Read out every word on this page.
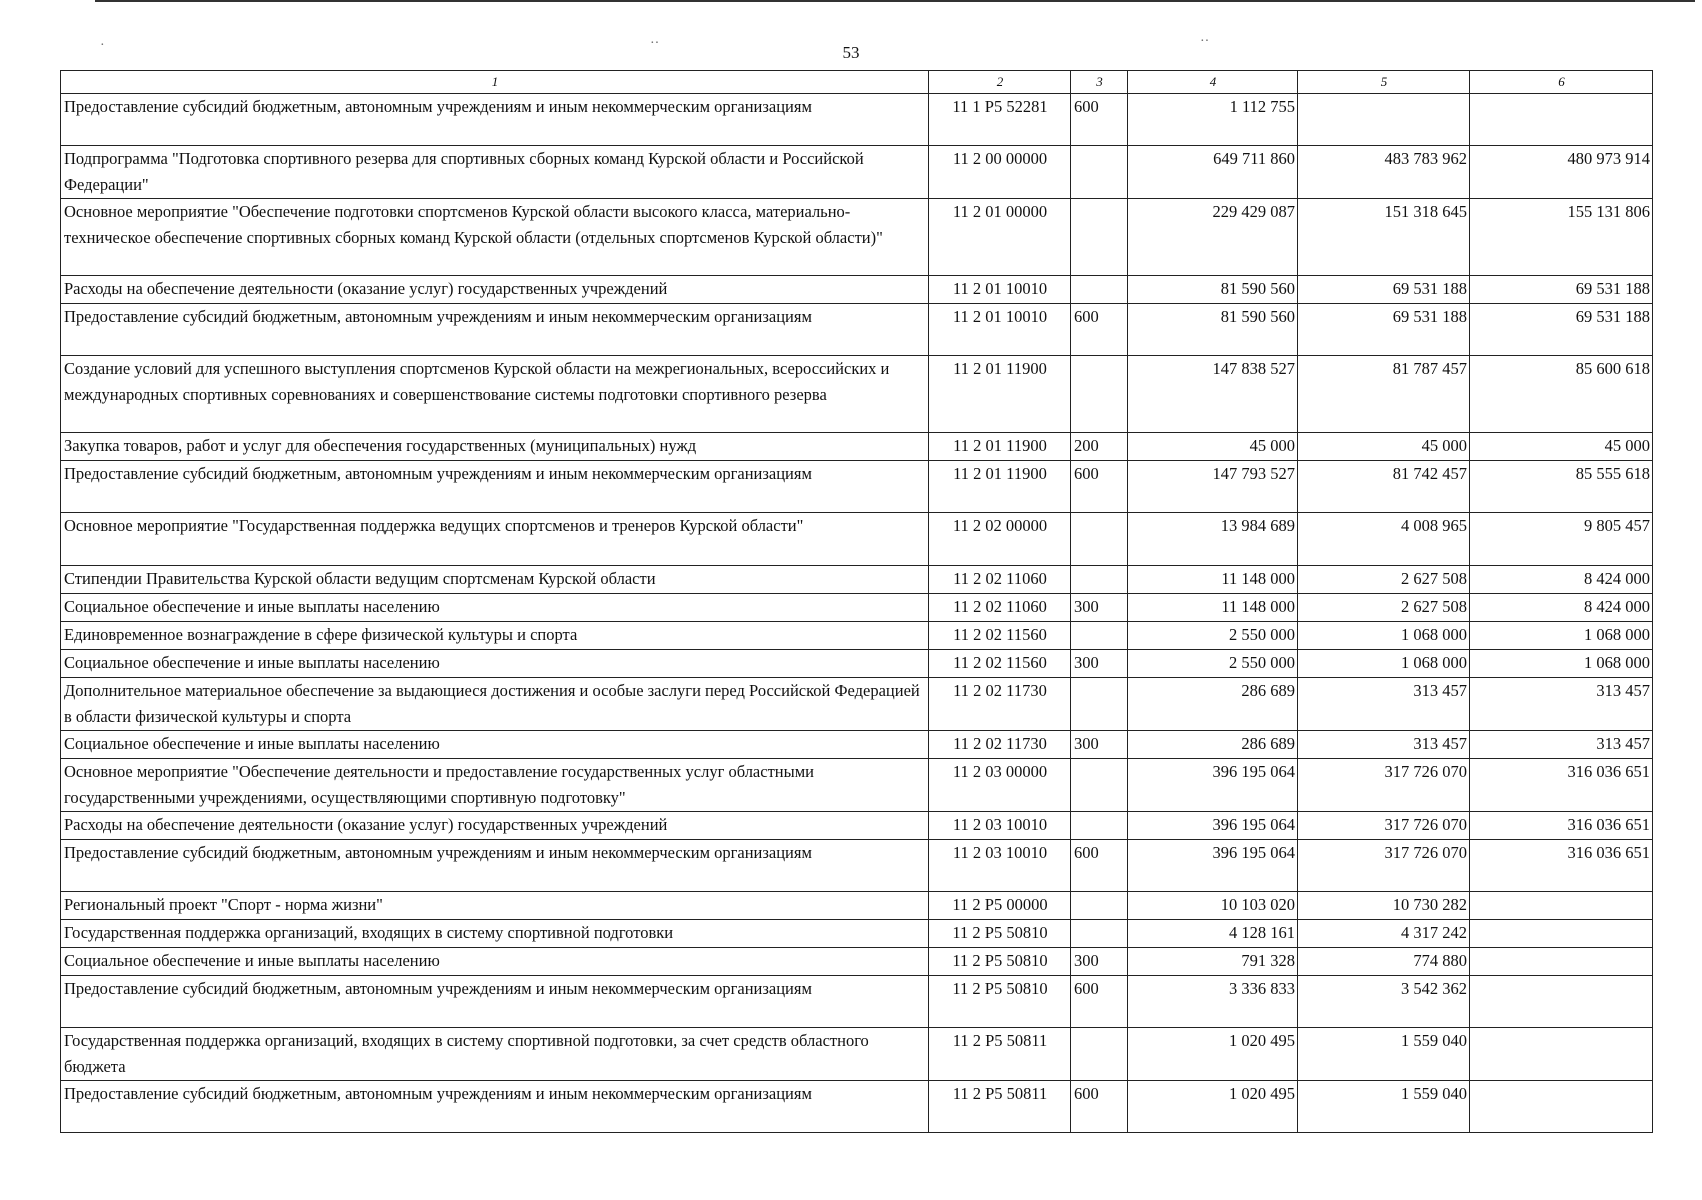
·	··	··
53
1	2	3	4	5	6
Предоставление субсидий бюджетным, автономным учреждениям и иным некоммерческим организациям	11 1 P5 52281	600	1 112 755		
Подпрограмма "Подготовка спортивного резерва для спортивных сборных команд Курской области и Российской Федерации"	11 2 00 00000		649 711 860	483 783 962	480 973 914
Основное мероприятие "Обеспечение подготовки спортсменов Курской области высокого класса, материально-техническое обеспечение спортивных сборных команд Курской области (отдельных спортсменов Курской области)"	11 2 01 00000		229 429 087	151 318 645	155 131 806
Расходы на обеспечение деятельности (оказание услуг) государственных учреждений	11 2 01 10010		81 590 560	69 531 188	69 531 188
Предоставление субсидий бюджетным, автономным учреждениям и иным некоммерческим организациям	11 2 01 10010	600	81 590 560	69 531 188	69 531 188
Создание условий для успешного выступления спортсменов Курской области на межрегиональных, всероссийских и международных спортивных соревнованиях и совершенствование системы подготовки спортивного резерва	11 2 01 11900		147 838 527	81 787 457	85 600 618
Закупка товаров, работ и услуг для обеспечения государственных (муниципальных) нужд	11 2 01 11900	200	45 000	45 000	45 000
Предоставление субсидий бюджетным, автономным учреждениям и иным некоммерческим организациям	11 2 01 11900	600	147 793 527	81 742 457	85 555 618
Основное мероприятие "Государственная поддержка ведущих спортсменов и тренеров Курской области"	11 2 02 00000		13 984 689	4 008 965	9 805 457
Стипендии Правительства Курской области ведущим спортсменам Курской области	11 2 02 11060		11 148 000	2 627 508	8 424 000
Социальное обеспечение и иные выплаты населению	11 2 02 11060	300	11 148 000	2 627 508	8 424 000
Единовременное вознаграждение в сфере физической культуры и спорта	11 2 02 11560		2 550 000	1 068 000	1 068 000
Социальное обеспечение и иные выплаты населению	11 2 02 11560	300	2 550 000	1 068 000	1 068 000
Дополнительное материальное обеспечение за выдающиеся достижения и особые заслуги перед Российской Федерацией в области физической культуры и спорта	11 2 02 11730		286 689	313 457	313 457
Социальное обеспечение и иные выплаты населению	11 2 02 11730	300	286 689	313 457	313 457
Основное мероприятие "Обеспечение деятельности и предоставление государственных услуг областными государственными учреждениями, осуществляющими спортивную подготовку"	11 2 03 00000		396 195 064	317 726 070	316 036 651
Расходы на обеспечение деятельности (оказание услуг) государственных учреждений	11 2 03 10010		396 195 064	317 726 070	316 036 651
Предоставление субсидий бюджетным, автономным учреждениям и иным некоммерческим организациям	11 2 03 10010	600	396 195 064	317 726 070	316 036 651
Региональный проект "Спорт - норма жизни"	11 2 P5 00000		10 103 020	10 730 282	
Государственная поддержка организаций, входящих в систему спортивной подготовки	11 2 P5 50810		4 128 161	4 317 242	
Социальное обеспечение и иные выплаты населению	11 2 P5 50810	300	791 328	774 880	
Предоставление субсидий бюджетным, автономным учреждениям и иным некоммерческим организациям	11 2 P5 50810	600	3 336 833	3 542 362	
Государственная поддержка организаций, входящих в систему спортивной подготовки, за счет средств областного бюджета	11 2 P5 50811		1 020 495	1 559 040	
Предоставление субсидий бюджетным, автономным учреждениям и иным некоммерческим организациям	11 2 P5 50811	600	1 020 495	1 559 040	
